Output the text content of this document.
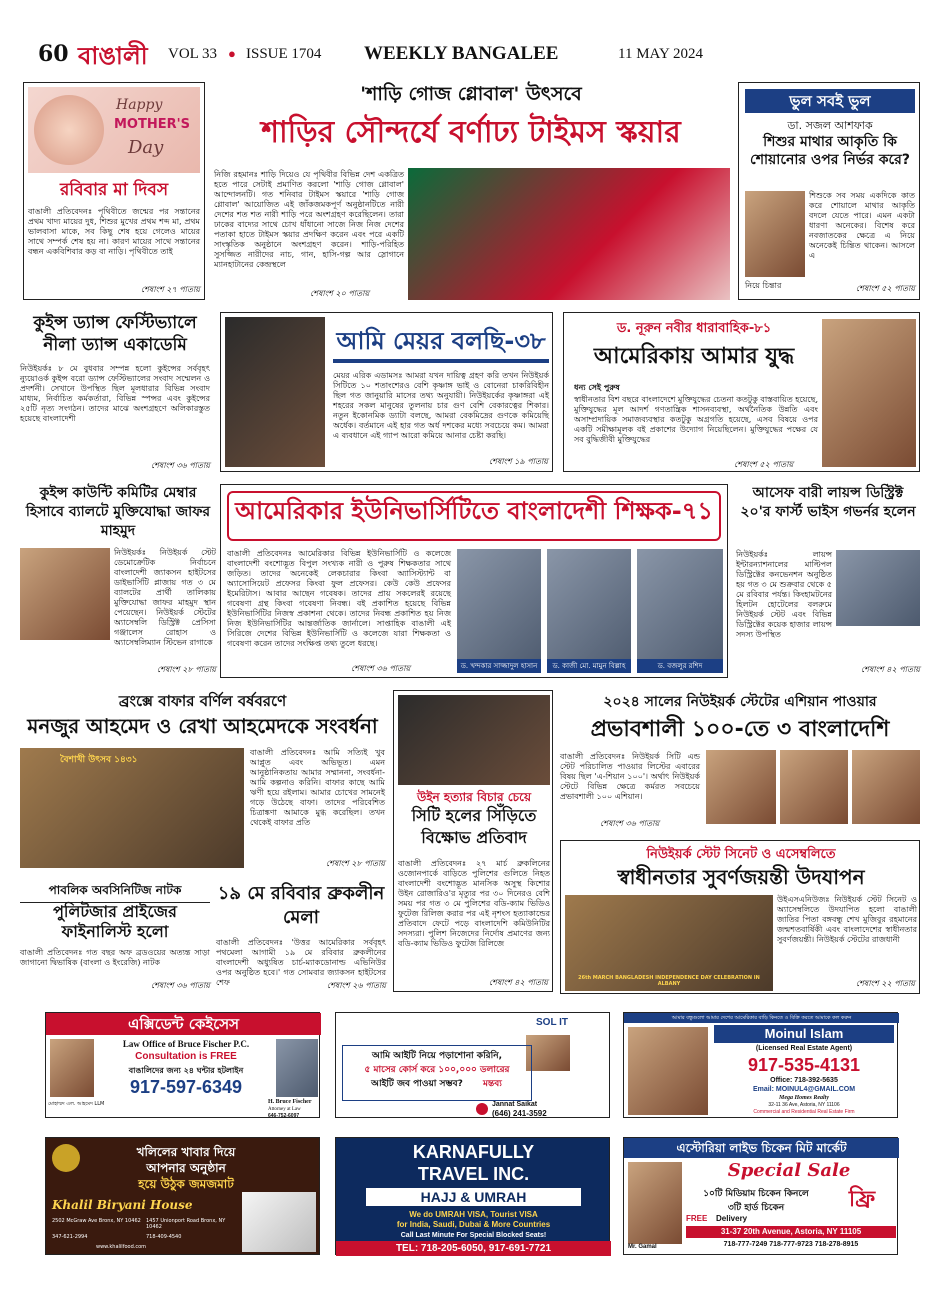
60 বাঙালী VOL 33 ● ISSUE 1704 WEEKLY BANGALEE	11 MAY 2024
Happy
MOTHER'S
Day
রবিবার মা দিবস
বাঙালী প্রতিবেদনঃ পৃথিবীতে জন্মের পর সন্তানের প্রথম খাদ্য মায়ের দুধ, শিশুর মুখের প্রথম শব্দ মা, প্রথম ভালবাসা মাকে, সব কিছু শেষ হয়ে গেলেও মায়ের সাথে সম্পর্ক শেষ হয় না। কারণ মায়ের সাথে সন্তানের বন্ধন একবিশিবার কড় বা নাড়ি। পৃথিবীতে তাই
শেষাংশ ২৭ পাতায়
'শাড়ি গোজ গ্লোবাল' উৎসবে
শাড়ির সৌন্দর্যে বর্ণাঢ্য টাইমস স্কয়ার
নিজি রহমানঃ শাড়ি দিয়েও যে পৃথিবীর বিভিন্ন দেশ একত্রিত হতে পারে সেটাই প্রমাণিত করলো 'শাড়ি গোজ গ্লোবাল' আন্দোলনটি। গত শনিবার টাইমস স্কয়ারে 'শাড়ি গোজ গ্লোবাল' আয়োজিত এই জাঁকজমকপূর্ণ অনুষ্ঠানটিতে নারী দেশের শত শত নারী শাড়ি পরে অংশগ্রহণ করেছিলেন। তারা ঢাকের বাদ্যের সাথে চোখ ধাঁধানো সাজে নিজ নিজ দেশের পতাকা হাতে টাইমস স্কয়ার প্রদক্ষিণ করেন এবং পরে একটি সাংস্কৃতিক অনুষ্ঠানে অংশগ্রহণ করেন। শাড়ি-পরিহিত সুসজ্জিত নারীদের নাচ, গান, হাসি-গল্প আর স্লোগানে ম্যানহাটানের কেন্দ্রস্থলে
শেষাংশ ২০ পাতায়
ভুল সবই ভুল
ডা. সজল আশফাক
শিশুর মাথার আকৃতি কি শোয়ানোর ওপর নির্ভর করে?
শিশুকে সব সময় একদিকে কাত করে শোয়ালে মাথার আকৃতি বদলে যেতে পারে। এমন একটা ধারণা অনেকের। বিশেষ করে নবজাতকের ক্ষেত্রে এ নিয়ে অনেকেই চিন্তিত থাকেন। আসলে এ
নিয়ে চিন্তার	শেষাংশ ৫২ পাতায়
কুইন্স ড্যান্স ফেস্টিভ্যালে নীলা ড্যান্স একাডেমি
নিউইয়র্কঃ ৮ মে বুধবার সম্পন্ন হলো কুইন্সের সর্ববৃহৎ ন্যুয়োওর্ক কুইন্স বরো ড্যান্স ফেস্টিভ্যালের সংবাদ সম্মেলন ও প্রদর্শনী। সেখানে উপস্থিত ছিল মূলধারার বিভিন্ন সংবাদ মাধ্যম, নির্বাচিত কর্মকর্তারা, বিভিন্ন স্পন্সর এবং কুইন্সের ২৫টি নৃত্য সংগঠন। তাদের মাঝে অংশগ্রহণে অলিকারস্তুত হয়েছে বাংলাদেশী
শেষাংশ ৩৬ পাতায়
আমি মেয়র বলছি-৩৮
মেয়র এরিক এডামসঃ আমরা যখন দায়িত্ব গ্রহণ করি তখন নিউইয়র্ক সিটিতে ১০ শতাংশেরও বেশি কৃষ্ণাঙ্গ ভাই ও বোনেরা চাকরিবিহীন ছিল গত জানুয়ারি মাসের তথ্য অনুযায়ী। নিউইয়র্কের কৃষ্ণাঙ্গরা এই শহরের সকল মানুষের তুলনায় চার গুণ বেশি বেকারত্বের শিকার। নতুন ইকোনমিক ড্যাটা বলছে, আমরা বেকমিদ্রের গুণকে কমিয়েছি অর্ধেক। বর্তমানে এই হার গত অর্ধ দশকের মধ্যে সবচেয়ে কম। আমরা এ ব্যবধানে এই গ্যাপ আরো কমিয়ে আনার চেষ্টা করছি।
শেষাংশ ১৯ পাতায়
ড. নূরুন নবীর ধারাবাহিক-৮১
আমেরিকায় আমার যুদ্ধ
ধন্য সেই পুরুষ
স্বাধীনতার বিশ বছরে বাংলাদেশে মুক্তিযুদ্ধের চেতনা কতটুকু বাস্তবায়িত হয়েছে, মুক্তিযুদ্ধের মূল আদর্শ গণতান্ত্রিক শাসনব্যবস্থা, অর্থনৈতিক উন্নতি এবং অসাম্প্রদায়িক সমাজব্যবস্থার কতটুকু অগ্রগতি হয়েছে, এসব বিষয়ে ওপর একটি সমীক্ষামূলক বই প্রকাশের উদ্যোগ নিয়েছিলেন। মুক্তিযুদ্ধের পক্ষের যে সব বুদ্ধিজীবী মুক্তিযুদ্ধের
শেষাংশ ৫২ পাতায়
কুইন্স কাউন্টি কমিটির মেম্বার হিসাবে ব্যালটে মুক্তিযোদ্ধা জাফর মাহমুদ
নিউইয়র্কঃ নিউইয়র্ক স্টেট ডেমোক্রেটিক নির্বাচনে বাংলাদেশী জ্যাকসন হাইটসের ডাইভার্সিটি প্লাজায় গত ৩ মে ব্যালটের প্রার্থী তালিকায় মুক্তিযোদ্ধা জাফর মাহমুদ স্থান পেয়েছেন। নিউইয়র্ক স্টেটের অ্যাসেম্বলি ডিস্ট্রিক্ট প্রেসিসা গঞ্জালেস রোহাস ও অ্যাসেম্বলিম্যান স্টিভেন রাগাকে
শেষাংশ ২৮ পাতায়
আমেরিকার ইউনিভার্সিটিতে বাংলাদেশী শিক্ষক-৭১
বাঙালী প্রতিবেদনঃ আমেরিকার বিভিন্ন ইউনিভার্সিটি ও কলেজে বাংলাদেশী বংশোদ্ভূত বিপুল সংখ্যক নারী ও পুরুষ শিক্ষকতার সাথে জড়িত। তাদের অনেকেই লেকচারার কিংবা অ্যাসিস্ট্যান্ট বা অ্যাসোসিয়েট প্রফেসর কিংবা ফুল প্রফেসর। কেউ কেউ প্রফেসর ইমেরিটাস। আবার আছেন গবেষক। তাদের প্রায় সকলেরই রয়েছে গবেষণা গ্রন্থ কিংবা গবেষণা নিবন্ধ। বই প্রকাশিত হয়েছে বিভিন্ন ইউনিভার্সিটির নিজস্ব প্রকাশনা থেকে। তাদের নিবন্ধ প্রকাশিত হয় নিজ নিজ ইউনিভার্সিটির আন্তর্জাতিক জার্নালে। সাপ্তাহিক বাঙালী এই সিরিজে দেশের বিভিন্ন ইউনিভার্সিটি ও কলেজে যারা শিক্ষকতা ও গবেষণা করেন তাদের সংক্ষিপ্ত তথ্য তুলে ধরছে।
শেষাংশ ৩৬ পাতায়	ড. খন্দকার সাজ্জাদুল হাসান	ড. কাজী মো. মামুন বিল্লাহ	ড. বজলুর রশিদ
আসেফ বারী লায়ন্স ডিস্ট্রিক্ট ২০'র ফার্স্ট ভাইস গভর্নর হলেন
নিউইয়র্কঃ লায়ন্স ইন্টারন্যাশনালের মাল্টিপল ডিস্ট্রিক্টের কনভেনশন অনুষ্ঠিত হয় গত ৩ মে শুক্রবার থেকে ৫ মে রবিবার পর্যন্ত। কিংহামটনের হিলটন হোটেলের বলরুমে নিউইয়র্ক স্টেট এবং বিভিন্ন ডিস্ট্রিক্টের কয়েক হাজার লায়ন্স সদস্য উপস্থিত
শেষাংশ ৪২ পাতায়
ব্রংক্সে বাফার বর্ণিল বর্ষবরণে
মনজুর আহমেদ ও রেখা আহমেদকে সংবর্ধনা
বৈশাখী উৎসব ১৪৩১
বাঙালী প্রতিবেদনঃ আমি সত্যিই খুব আপ্লুত এবং অভিভূত। এমন আনুষ্ঠানিকতায় আমার সম্মাননা, সংবর্ধনা- আমি কল্পনাও করিনি। বাফার কাছে আমি ঋণী হয়ে রইলাম। আমার চোখের সামনেই গড়ে উঠেছে বাফা। তাদের পরিবেশিত চিত্রাঙ্কণা আমাকে মুগ্ধ করেছিল। তখন থেকেই বাফার প্রতি
শেষাংশ ২৮ পাতায়
উইন হত্যার বিচার চেয়ে
সিটি হলের সিঁড়িতে বিক্ষোভ প্রতিবাদ
বাঙালী প্রতিবেদনঃ ২৭ মার্চ ব্রুকলিনের ওজোনপার্কে বাড়িতে পুলিশের গুলিতে নিহত বাংলাদেশী বংশোদ্ভূত মানসিক অসুস্থ কিশোর উইন রোজারিও'র মৃত্যুর পর ৩০ দিনেরও বেশি সময় পর গত ৩ মে পুলিশের বডি-ক্যাম ভিডিও ফুটেজ রিলিজ করার পর এই নৃশংস হত্যাকান্ডের প্রতিবাদে ফেটে পড়ে বাংলাদেশি কমিউনিটির সদস্যরা। পুলিশ নিজেদের নির্দোষ প্রমাণের জন্য বডি-ক্যাম ভিডিও ফুটেজ রিলিজে
শেষাংশ ৪২ পাতায়
২০২৪ সালের নিউইয়র্ক স্টেটের এশিয়ান পাওয়ার
প্রভাবশালী ১০০-তে ৩ বাংলাদেশি
বাঙালী প্রতিবেদনঃ নিউইয়র্ক সিটি এন্ড স্টেট পরিচালিত পাওয়ার লিস্টের এবারের বিষয় ছিল 'এ-শিয়ান ১০০'। অর্থাৎ নিউইয়র্ক স্টেটে বিভিন্ন ক্ষেত্রে কর্মরত সবচেয়ে প্রভাবশালী ১০০ এশিয়ান।
শেষাংশ ৩৬ পাতায়
নিউইয়র্ক স্টেট সিনেট ও এসেম্বলিতে
স্বাধীনতার সুবর্ণজয়ন্তী উদযাপন
26th MARCH BANGLADESH INDEPENDENCE DAY CELEBRATION IN ALBANY
উইএসএনিউজঃ নিউইয়র্ক স্টেট সিনেট ও অ্যাসেম্বলিতে উদযাপিত হলো বাঙালী জাতির পিতা বঙ্গবন্ধু শেখ মুজিবুর রহমানের জন্মশতবার্ষিকী এবং বাংলাদেশের স্বাধীনতার সুবর্ণজয়ন্তী। নিউইয়র্ক স্টেটের রাজধানী
শেষাংশ ২২ পাতায়
পাবলিক অবসিনিটিজ নাটক
পুলিটজার প্রাইজের ফাইনালিস্ট হলো
বাঙালী প্রতিবেদনঃ গত বছর অফ ব্রডওয়ের অত্যন্ত সাড়া জাগানো দ্বিভাষিক (বাংলা ও ইংরেজি) নাটক
শেষাংশ ৩৬ পাতায়
১৯ মে রবিবার ব্রুকলীন মেলা
বাঙালী প্রতিবেদনঃ 'উত্তর আমেরিকার সর্ববৃহৎ পথমেলা আগামী ১৯ মে রবিবার ব্রুকলীনের বাংলাদেশী অধ্যুষিত চার্চ-ম্যাকডোনাল্ড এভিনিউর ওপর অনুষ্ঠিত হবে।' গত সোমবার জ্যাকসন হাইটসের শেফ	শেষাংশ ২৬ পাতায়
এক্সিডেন্ট কেইসেস
Law Office of Bruce Fischer P.C.
Consultation is FREE
বাঙালিদের জন্য ২৪ ঘন্টার হটলাইন
917-597-6349
মোহাম্মদ এল. আহমেদ LLM	H. Bruce Fischer
Attorney at Law
646-752-6097
SOL IT
আমি আইটি নিয়ে পড়াশোনা করিনি,
৫ মাসের কোর্স করে ১০০,০০০ ডলারের
আইটি জব পাওয়া সম্ভব?	মন্তব্য
Jannat Saikat
(646) 241-3592
আমার বন্ধুগুলো আমার দেশের আমেরিকার বাড়ি কিনতে ও বিক্রি করতে আমাকে কল করুন
Moinul Islam
(Licensed Real Estate Agent)
917-535-4131
Office: 718-392-5635
Email: MOINUL4@GMAIL.COM
Mega Homes Realty
32-11 36 Ave, Astoria, NY 11106
Commercial and Residential Real Estate Firm
খলিলের খাবার দিয়ে
আপনার অনুষ্ঠান
হয়ে উঠুক জমজমাট
Khalil Biryani House
2502 McGraw Ave Bronx, NY 10462 1457 Unionport Road Bronx, NY 10462
347-621-2994	718-409-4540
www.khalilfood.com
KARNAFULLY
TRAVEL INC.
HAJJ & UMRAH
We do UMRAH VISA, Tourist VISA
for India, Saudi, Dubai & More Countries
Call Last Minute For Special Blocked Seats!
TEL: 718-205-6050, 917-691-7721
এস্টোরিয়া লাইভ চিকেন মিট মার্কেট
Special Sale
১০টি মিডিয়াম চিকেন কিনলে
৩টি হার্ড চিকেন	ফ্রি
FREE Delivery
31-37 20th Avenue, Astoria, NY 11105
718-777-7249 718-777-9723 718-278-8915
Mr. Gamal
